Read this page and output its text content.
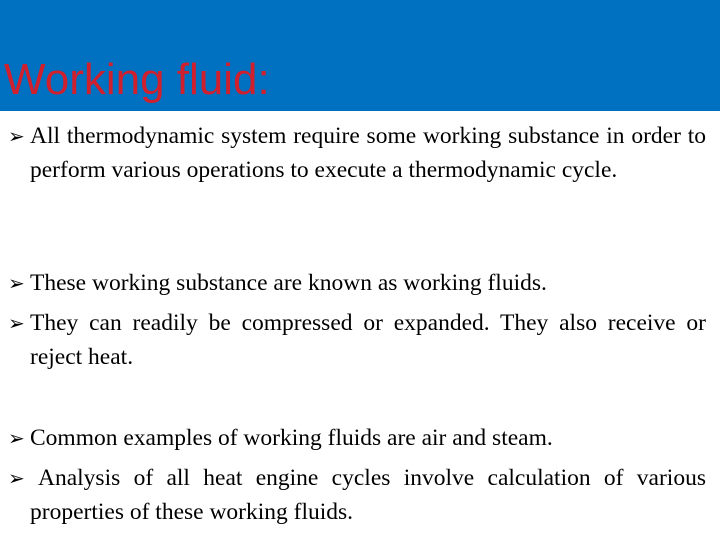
Working fluid:
➢ All thermodynamic system require some working substance in order to perform various operations to execute a thermodynamic cycle.
➢ These working substance are known as working fluids.
➢ They can readily be compressed or expanded. They also receive or reject heat.
➢ Common examples of working fluids are air and steam.
➢ Analysis of all heat engine cycles involve calculation of various properties of these working fluids.
